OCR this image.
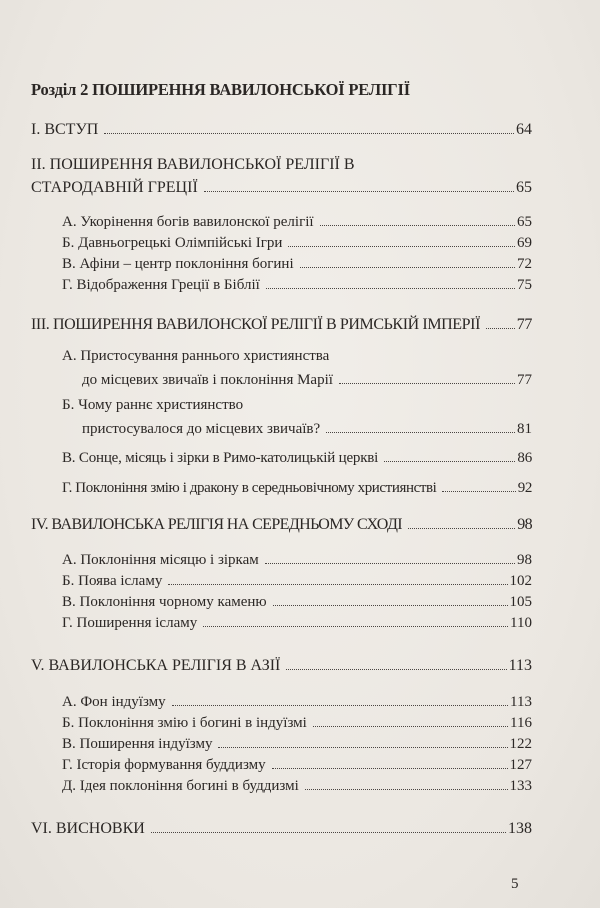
Розділ 2 ПОШИРЕННЯ ВАВИЛОНСЬКОЇ РЕЛІГІЇ
I. ВСТУП	64
II. ПОШИРЕННЯ ВАВИЛОНСЬКОЇ РЕЛІГІЇ В
СТАРОДАВНІЙ ГРЕЦІЇ	65
А. Укорінення богів вавилонскої релігії	65
Б. Давньогрецькі Олімпійські Ігри	69
В. Афіни – центр поклоніння богині	72
Г. Відображення Греції в Біблії	75
III. ПОШИРЕННЯ ВАВИЛОНСКОЇ РЕЛІГІЇ В РИМСЬКІЙ ІМПЕРІЇ 77
А. Пристосування раннього християнства
до місцевих звичаїв і поклоніння Марії	77
Б. Чому раннє християнство
пристосувалося до місцевих звичаїв?	81
В. Сонце, місяць і зірки в Римо-католицькій церкві	86
Г. Поклоніння змію і дракону в середньовічному християнстві	92
IV. ВАВИЛОНСЬКА РЕЛІГІЯ НА СЕРЕДНЬОМУ СХОДІ	98
А. Поклоніння місяцю і зіркам	98
Б. Поява ісламу	102
В. Поклоніння чорному каменю	105
Г. Поширення ісламу	110
V. ВАВИЛОНСЬКА РЕЛІГІЯ В АЗІЇ	113
А. Фон індуїзму	113
Б. Поклоніння змію і богині в індуїзмі	116
В. Поширення індуїзму	122
Г. Історія формування буддизму	127
Д. Ідея поклоніння богині в буддизмі	133
VI. ВИСНОВКИ	138
5
